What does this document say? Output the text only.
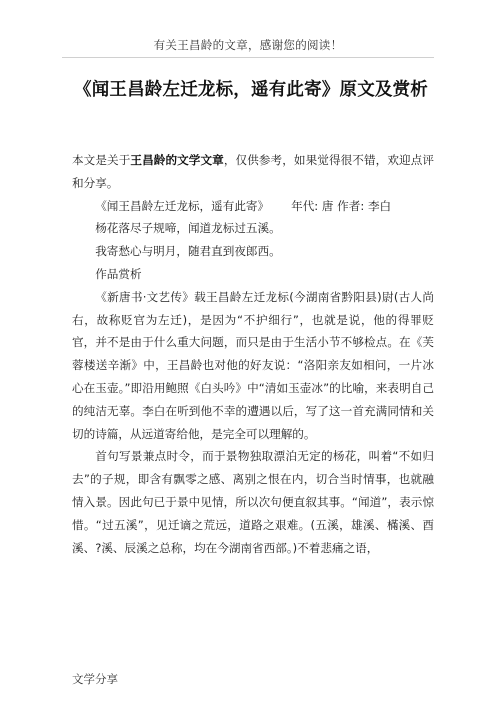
有关王昌龄的文章，感谢您的阅读！
《闻王昌龄左迁龙标，遥有此寄》原文及赏析

本文是关于王昌龄的文学文章，仅供参考，如果觉得很不错，欢迎点评和分享。

《闻王昌龄左迁龙标，遥有此寄》 年代: 唐 作者: 李白

杨花落尽子规啼，闻道龙标过五溪。

我寄愁心与明月，随君直到夜郎西。

作品赏析

《新唐书·文艺传》载王昌龄左迁龙标(今湖南省黔阳县)尉(古人尚右，故称贬官为左迁)，是因为“不护细行”，也就是说，他的得罪贬官，并不是由于什么重大问题，而只是由于生活小节不够检点。在《芙蓉楼送辛渐》中，王昌龄也对他的好友说：“洛阳亲友如相问，一片冰心在玉壶。”即沿用鲍照《白头吟》中“清如玉壶冰”的比喻，来表明自己的纯洁无辜。李白在听到他不幸的遭遇以后，写了这一首充满同情和关切的诗篇，从远道寄给他，是完全可以理解的。

首句写景兼点时令，而于景物独取漂泊无定的杨花，叫着“不如归去”的子规，即含有飘零之感、离别之恨在内，切合当时情事，也就融情入景。因此句已于景中见情，所以次句便直叙其事。“闻道”，表示惊惜。“过五溪”，见迁谪之荒远，道路之艰难。(五溪，雄溪、樠溪、酉溪、?溪、辰溪之总称，均在今湖南省西部。)不着悲痛之语，

文学分享
